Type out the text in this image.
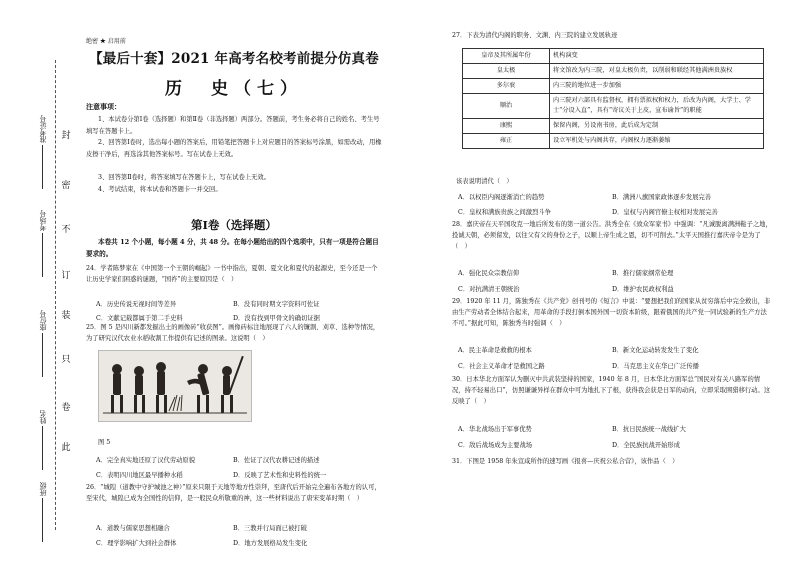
封
密
不
订
装
只
卷
此
准考证号
考场号
座位号
姓名
班级
绝密 ★ 启用前
【最后十套】2021 年高考名校考前提分仿真卷
历　史（七）
注意事项：
1、本试卷分第Ⅰ卷（选择题）和第Ⅱ卷（非选择题）两部分。答题前，考生务必将自己的姓名、考生号填写在答题卡上。
2、回答第Ⅰ卷时，选出每小题的答案后，用铅笔把答题卡上对应题目的答案标号涂黑，如需改动，用橡皮擦干净后，再选涂其他答案标号。写在试卷上无效。
3、回答第Ⅱ卷时，将答案填写在答题卡上，写在试卷上无效。
4、考试结束，将本试卷和答题卡一并交回。
第Ⅰ卷（选择题）
本卷共 12 个小题，每小题 4 分，共 48 分。在每小题给出的四个选项中，只有一项是符合题目要求的。
24．学者陈梦家在《中国第一个王朝的崛起》一书中指出，夏朝、夏文化和夏代的起源史，至今还是一个让历史学家们困惑的谜题，“国祚”的主要原因是（　）
A．历史传说无视时间等差异	B．没有同时期文字资料可佐证
C．文献记载都属于第二手史料	D．没有找到甲骨文的确切证据
25．图 5 是四川新都发掘出土的画像砖“收获图”。画像砖标注地展现了六人的镰割、刈草、选种等情况，为了研究汉代农业水稻收割工作提供有记述的图录。这说明（　）
图 5
A．完全真实地还原了汉代劳动原貌	B．佐证了汉代农耕记述的描述
C．表明四川地区最早播种水稻	D．反映了艺术性和史料性的统一
26．“城隍（道教中守护城池之神）”原来只限于天地等地方性崇拜，至唐代后开始完全遍布各地方的认可，至宋代，城隍已成为全国性的信仰，是一般民众所敬重的神，这一些材料说出了唐宋变革时期（　）
A．道教与儒家思想相融合	B．三教并行局面已被打破
C．理学影响扩大到社会群体	D．地方发展格局发生变化
27．下表为清代内阁的职务、文渊、内三院的建立发展轨迹
皇帝及其所属年份	机构演变
皇太极	将文馆改为内三院，对皇太极负责，以削弱和联经其他满洲贵族权
多尔衮	内三院的地位进一步加强
顺治	内三院对六部具有监督权，拥有票拟权和权力，后改为内阁，大学士、学士“分设入直”，具有“寄议关于上皮，宣布谕旨”的职能
康熙	保留内阁，另设南书房，此后成为定制
雍正	设立军机处与内阁共存，内阁权力逐渐萎缩
该表说明清代（　）
A．以权臣内阁逐渐消亡的趋势	B．满洲八旗国家政体逐步发展完善
C．皇权和满族贵族之间激烈斗争	D．皇权与内阁官僚主权相对发展完善
28．嘉庆帝在天平国攻克一地后所发布的第一道公告。洪秀全在《致众军家书》中强调：“凡诚脱离满洲鞑子之地，投诚天朝，必须留发，以往父有父的身份之子，以顺上帝生成之恩，切不可削去。”太平天国推行嘉庆帝令是为了（　）
A．强化民众宗教信仰	B．推行儒家纲常伦理
C．对抗满清王朝统治	D．维护农民政权利益
29．1920 年 11 月，陈独秀在《共产党》创刊号的《短言》中说：“要想把我们的国家从贫穷落后中完全救出，非由生产劳动者全体结合起来，用革命的手段打倒本国外国一切资本阶级，跟着俄国的共产党一同试验新的生产方法不可。”据此可知，陈独秀当时强调（　）
A．民主革命是救救的根本	B．新文化运动转发发生了变化
C．社会主义革命才是救国之路	D．马克思主义在华已广泛传播
30．日本华北方面军认为删灭中共武装坚持的国家，1940 年 8 月，日本华北方面军总“国民对有关八路军的情况，持不轻易出口”，仿照谦谦异样在群众中可为地扎下了根，获得我会获是日军的动向，立即采取围猎移行动。这反映了（　）
A．华北战场出于军事优势	B．抗日民族统一战线扩大
C．敌后战场成为主要战场	D．全民族抗战开始形成
31．下图是 1958 年朱宣咸所作的速写画《报喜—庆祝公私合营》，该作品（　）
